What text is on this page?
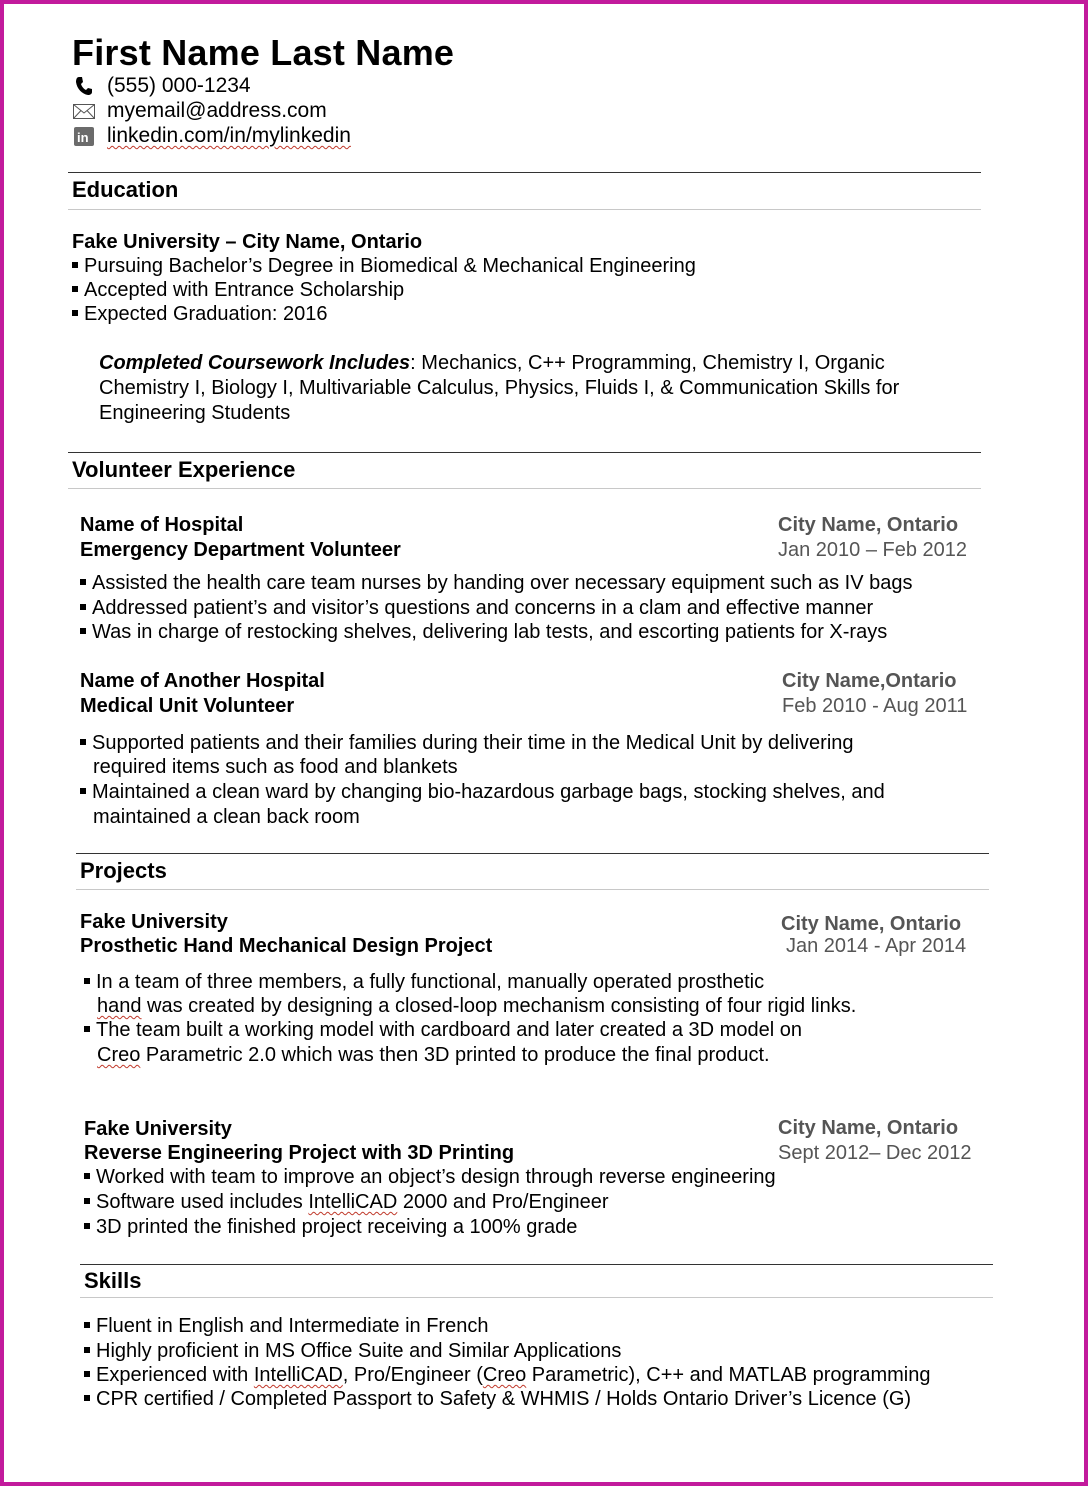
First Name Last Name
(555) 000-1234
myemail@address.com
in linkedin.com/in/mylinkedin
Education
Fake University – City Name, Ontario
Pursuing Bachelor’s Degree in Biomedical & Mechanical Engineering
Accepted with Entrance Scholarship
Expected Graduation: 2016
Completed Coursework Includes: Mechanics, C++ Programming, Chemistry I, Organic
Chemistry I, Biology I, Multivariable Calculus, Physics, Fluids I, & Communication Skills for
Engineering Students
Volunteer Experience
Name of Hospital
Emergency Department Volunteer
City Name, Ontario
Jan 2010 – Feb 2012
Assisted the health care team nurses by handing over necessary equipment such as IV bags
Addressed patient’s and visitor’s questions and concerns in a clam and effective manner
Was in charge of restocking shelves, delivering lab tests, and escorting patients for X-rays
Name of Another Hospital
Medical Unit Volunteer
City Name,Ontario
Feb 2010 - Aug 2011
Supported patients and their families during their time in the Medical Unit by delivering
required items such as food and blankets
Maintained a clean ward by changing bio-hazardous garbage bags, stocking shelves, and
maintained a clean back room
Projects
Fake University
Prosthetic Hand Mechanical Design Project
City Name, Ontario
Jan 2014 - Apr 2014
In a team of three members, a fully functional, manually operated prosthetic
hand was created by designing a closed-loop mechanism consisting of four rigid links.
The team built a working model with cardboard and later created a 3D model on
Creo Parametric 2.0 which was then 3D printed to produce the final product.
Fake University
Reverse Engineering Project with 3D Printing
City Name, Ontario
Sept 2012– Dec 2012
Worked with team to improve an object’s design through reverse engineering
Software used includes IntelliCAD 2000 and Pro/Engineer
3D printed the finished project receiving a 100% grade
Skills
Fluent in English and Intermediate in French
Highly proficient in MS Office Suite and Similar Applications
Experienced with IntelliCAD, Pro/Engineer (Creo Parametric), C++ and MATLAB programming
CPR certified / Completed Passport to Safety & WHMIS / Holds Ontario Driver’s Licence (G)
